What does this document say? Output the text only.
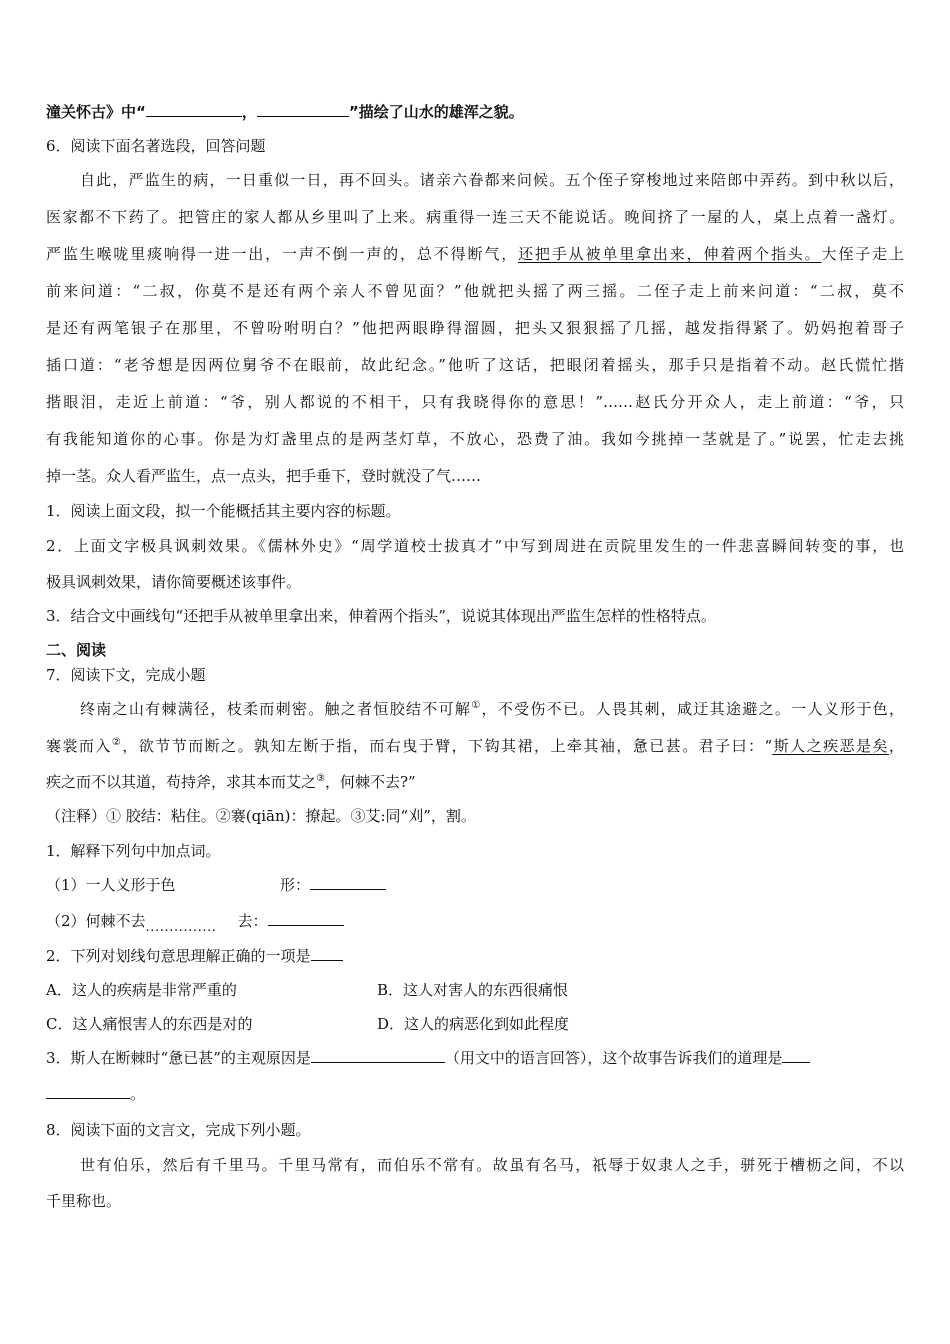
潼关怀古》中“	，	”描绘了山水的雄浑之貌。
6．阅读下面名著选段，回答问题
自此，严监生的病，一日重似一日，再不回头。诸亲六眷都来问候。五个侄子穿梭地过来陪郎中弄药。到中秋以后，
医家都不下药了。把管庄的家人都从乡里叫了上来。病重得一连三天不能说话。晚间挤了一屋的人，桌上点着一盏灯。
严监生喉咙里痰响得一进一出，一声不倒一声的，总不得断气，还把手从被单里拿出来，伸着两个指头。大侄子走上
前来问道：“二叔，你莫不是还有两个亲人不曾见面？”他就把头摇了两三摇。二侄子走上前来问道：“二叔，莫不
是还有两笔银子在那里，不曾吩咐明白？”他把两眼睁得溜圆，把头又狠狠摇了几摇，越发指得紧了。奶妈抱着哥子
插口道：“老爷想是因两位舅爷不在眼前，故此纪念。”他听了这话，把眼闭着摇头，那手只是指着不动。赵氏慌忙揩
揩眼泪，走近上前道：“爷，别人都说的不相干，只有我晓得你的意思！”……赵氏分开众人，走上前道：“爷，只
有我能知道你的心事。你是为灯盏里点的是两茎灯草，不放心，恐费了油。我如今挑掉一茎就是了。”说罢，忙走去挑
掉一茎。众人看严监生，点一点头，把手垂下，登时就没了气……
1．阅读上面文段，拟一个能概括其主要内容的标题。
2．上面文字极具讽刺效果。《儒林外史》“周学道校士拔真才”中写到周进在贡院里发生的一件悲喜瞬间转变的事，也
极具讽刺效果，请你简要概述该事件。
3．结合文中画线句“还把手从被单里拿出来，伸着两个指头”，说说其体现出严监生怎样的性格特点。
二、阅读
7．阅读下文，完成小题
终南之山有棘满径，枝柔而刺密。触之者恒胶结不可解①，不受伤不已。人畏其刺，咸迂其途避之。一人义形于色，
褰裳而入②，欲节节而断之。孰知左断于指，而右曳于臂，下钩其裙，上牵其袖，惫已甚。君子曰：“斯人之疾恶是矣，
疾之而不以其道，苟持斧，求其本而艾之③，何棘不去?”
（注释）① 胶结：粘住。②褰(qiān)：撩起。③艾:同“刈”，割。
1．解释下列句中加点词。
（1）一人义形于色	形：
（2）何棘不去.....	去：
2．下列对划线句意思理解正确的一项是
A．这人的疾病是非常严重的	B．这人对害人的东西很痛恨
C．这人痛恨害人的东西是对的	D．这人的病恶化到如此程度
3．斯人在断棘时“惫已甚”的主观原因是	（用文中的语言回答），这个故事告诉我们的道理是
。
8．阅读下面的文言文，完成下列小题。
世有伯乐，然后有千里马。千里马常有，而伯乐不常有。故虽有名马，祇辱于奴隶人之手，骈死于槽枥之间，不以
千里称也。
